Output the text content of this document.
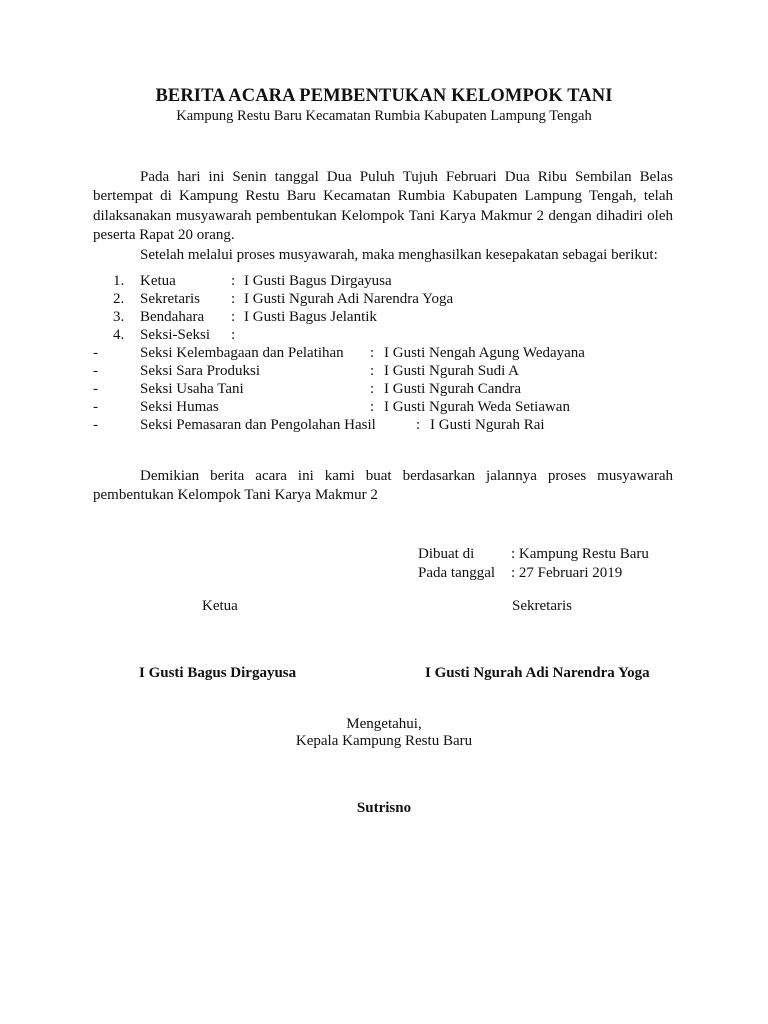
BERITA ACARA PEMBENTUKAN KELOMPOK TANI
Kampung Restu Baru Kecamatan Rumbia Kabupaten Lampung Tengah
Pada hari ini Senin tanggal Dua Puluh Tujuh Februari Dua Ribu Sembilan Belas bertempat di Kampung Restu Baru Kecamatan Rumbia Kabupaten Lampung Tengah, telah dilaksanakan musyawarah pembentukan Kelompok Tani Karya Makmur 2 dengan dihadiri oleh peserta Rapat 20 orang.
Setelah melalui proses musyawarah, maka menghasilkan kesepakatan sebagai berikut:
1. Ketua	: I Gusti Bagus Dirgayusa
2. Sekretaris : I Gusti Ngurah Adi Narendra Yoga
3. Bendahara : I Gusti Bagus Jelantik
4. Seksi-Seksi :
-	Seksi Kelembagaan dan Pelatihan : I Gusti Nengah Agung Wedayana
-	Seksi Sara Produksi	: I Gusti Ngurah Sudi A
-	Seksi Usaha Tani	: I Gusti Ngurah Candra
-	Seksi Humas	: I Gusti Ngurah Weda Setiawan
-	Seksi Pemasaran dan Pengolahan Hasil	: I Gusti Ngurah Rai
Demikian berita acara ini kami buat berdasarkan jalannya proses musyawarah pembentukan Kelompok Tani Karya Makmur 2
Dibuat di : Kampung Restu Baru
Pada tanggal : 27 Februari 2019
Ketua	Sekretaris
I Gusti Bagus Dirgayusa	I Gusti Ngurah Adi Narendra Yoga
Mengetahui,
Kepala Kampung Restu Baru
Sutrisno
